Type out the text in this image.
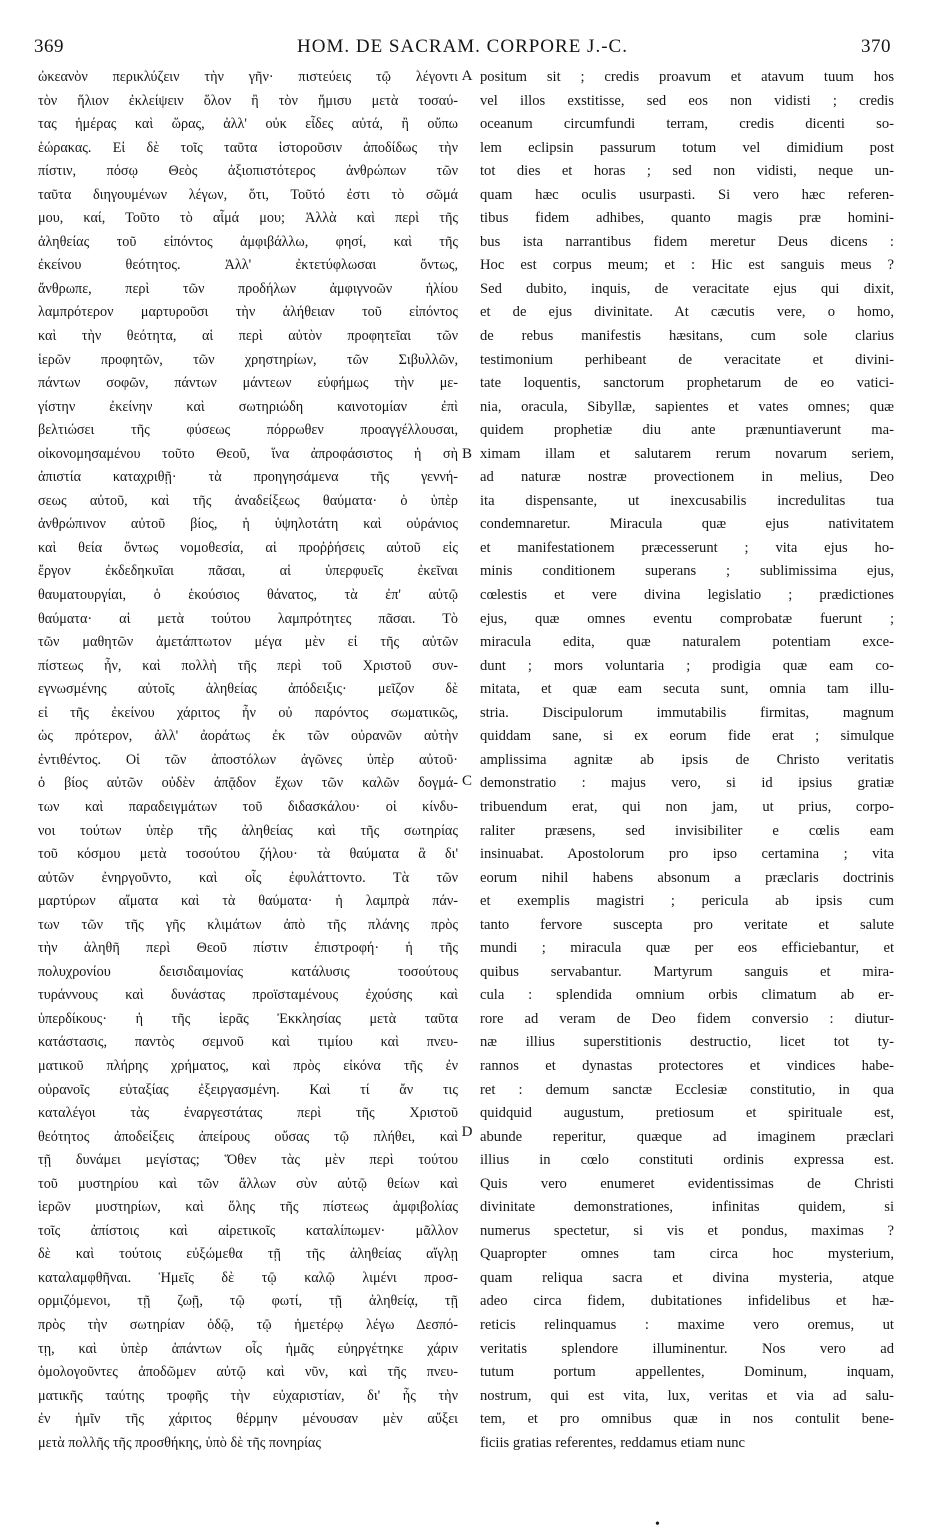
369	HOM. DE SACRAM. CORPORE J.-C.	370
ὠκεανὸν περικλύζειν τὴν γῆν· πιστεύεις τῷ λέγοντι
τὸν ἥλιον ἐκλείψειν ὅλον ἢ τὸν ἥμισυ μετὰ τοσαύ-
τας ἡμέρας καὶ ὥρας, ἀλλ' οὐκ εἶδες αὐτά, ἢ οὔπω
ἑώρακας. Εἰ δὲ τοῖς ταῦτα ἱστοροῦσιν ἀποδίδως τὴν
πίστιν, πόσῳ Θεὸς ἀξιοπιστότερος ἀνθρώπων τῶν
ταῦτα διηγουμένων λέγων, ὅτι, Τοῦτό ἐστι τὸ σῶμά
μου, καί, Τοῦτο τὸ αἷμά μου; Ἀλλὰ καὶ περὶ τῆς
ἀληθείας τοῦ εἰπόντος ἀμφιβάλλω, φησί, καὶ τῆς
ἐκείνου θεότητος. Ἀλλ' ἐκτετύφλωσαι ὄντως,
ἄνθρωπε, περὶ τῶν προδήλων ἀμφιγνοῶν ἡλίου
λαμπρότερον μαρτυροῦσι τὴν ἀλήθειαν τοῦ εἰπόντος
καὶ τὴν θεότητα, αἱ περὶ αὐτὸν προφητεῖαι τῶν
ἱερῶν προφητῶν, τῶν χρηστηρίων, τῶν Σιβυλλῶν,
πάντων σοφῶν, πάντων μάντεων εὐφήμως τὴν με-
γίστην ἐκείνην καὶ σωτηριώδη καινοτομίαν ἐπὶ
βελτιώσει τῆς φύσεως πόρρωθεν προαγγέλλουσαι,
οἰκονομησαμένου τοῦτο Θεοῦ, ἵνα ἀπροφάσιστος ἡ σὴ
ἀπιστία καταχριθῇ· τὰ προηγησάμενα τῆς γεννή-
σεως αὐτοῦ, καὶ τῆς ἀναδείξεως θαύματα· ὁ ὑπὲρ
ἀνθρώπινον αὐτοῦ βίος, ἡ ὑψηλοτάτη καὶ οὐράνιος
καὶ θεία ὄντως νομοθεσία, αἱ προῤῥήσεις αὐτοῦ εἰς
ἔργον ἐκδεδηκυῖαι πᾶσαι, αἱ ὑπερφυεῖς ἐκεῖναι
θαυματουργίαι, ὁ ἑκούσιος θάνατος, τὰ ἐπ' αὐτῷ
θαύματα· αἱ μετὰ τούτου λαμπρότητες πᾶσαι. Τὸ
τῶν μαθητῶν ἀμετάπτωτον μέγα μὲν εἰ τῆς αὐτῶν
πίστεως ἦν, καὶ πολλὴ τῆς περὶ τοῦ Χριστοῦ συν-
εγνωσμένης αὐτοῖς ἀληθείας ἀπόδειξις· μεῖζον δὲ
εἰ τῆς ἐκείνου χάριτος ἦν οὐ παρόντος σωματικῶς,
ὡς πρότερον, ἀλλ' ἀοράτως ἐκ τῶν οὐρανῶν αὐτὴν
ἐντιθέντος. Οἱ τῶν ἀποστόλων ἀγῶνες ὑπὲρ αὐτοῦ·
ὁ βίος αὐτῶν οὐδὲν ἀπᾷδον ἔχων τῶν καλῶν δογμά-
των καὶ παραδειγμάτων τοῦ διδασκάλου· οἱ κίνδυ-
νοι τούτων ὑπὲρ τῆς ἀληθείας καὶ τῆς σωτηρίας
τοῦ κόσμου μετὰ τοσούτου ζήλου· τὰ θαύματα ἃ δι'
αὐτῶν ἐνηργοῦντο, καὶ οἷς ἐφυλάττοντο. Τὰ τῶν
μαρτύρων αἵματα καὶ τὰ θαύματα· ἡ λαμπρὰ πάν-
των τῶν τῆς γῆς κλιμάτων ἀπὸ τῆς πλάνης πρὸς
τὴν ἀληθῆ περὶ Θεοῦ πίστιν ἐπιστροφή· ἡ τῆς
πολυχρονίου δεισιδαιμονίας κατάλυσις τοσούτους
τυράννους καὶ δυνάστας προϊσταμένους ἐχούσης καὶ
ὑπερδίκους· ἡ τῆς ἱερᾶς Ἐκκλησίας μετὰ ταῦτα
κατάστασις, παντὸς σεμνοῦ καὶ τιμίου καὶ πνευ-
ματικοῦ πλήρης χρήματος, καὶ πρὸς εἰκόνα τῆς ἐν
οὐρανοῖς εὐταξίας ἐξειργασμένη. Καὶ τί ἄν τις
καταλέγοι τὰς ἐναργεστάτας περὶ τῆς Χριστοῦ
θεότητος ἀποδείξεις ἀπείρους οὔσας τῷ πλήθει, καὶ
τῇ δυνάμει μεγίστας; Ὅθεν τὰς μὲν περὶ τούτου
τοῦ μυστηρίου καὶ τῶν ἄλλων σὺν αὐτῷ θείων καὶ
ἱερῶν μυστηρίων, καὶ ὅλης τῆς πίστεως ἀμφιβολίας
τοῖς ἀπίστοις καὶ αἱρετικοῖς καταλίπωμεν· μᾶλλον
δὲ καὶ τούτοις εὐξώμεθα τῇ τῆς ἀληθείας αἴγλῃ
καταλαμφθῆναι. Ἡμεῖς δὲ τῷ καλῷ λιμένι προσ-
ορμιζόμενοι, τῇ ζωῇ, τῷ φωτί, τῇ ἀληθείᾳ, τῇ
πρὸς τὴν σωτηρίαν ὁδῷ, τῷ ἡμετέρῳ λέγω Δεσπό-
τῃ, καὶ ὑπὲρ ἁπάντων οἷς ἡμᾶς εὐηργέτηκε χάριν
ὁμολογοῦντες ἀποδῶμεν αὐτῷ καὶ νῦν, καὶ τῆς πνευ-
ματικῆς ταύτης τροφῆς τὴν εὐχαριστίαν, δι' ἧς τὴν
ἐν ἡμῖν τῆς χάριτος θέρμην μένουσαν μὲν αὔξει
μετὰ πολλῆς τῆς προσθήκης, ὑπὸ δὲ τῆς πονηρίας
positum sit ; credis proavum et atavum tuum hos
vel illos exstitisse, sed eos non vidisti ; credis
oceanum circumfundi terram, credis dicenti so-
lem eclipsin passurum totum vel dimidium post
tot dies et horas ; sed non vidisti, neque un-
quam hæc oculis usurpasti. Si vero hæc referen-
tibus fidem adhibes, quanto magis præ homini-
bus ista narrantibus fidem meretur Deus dicens :
Hoc est corpus meum; et : Hic est sanguis meus ?
Sed dubito, inquis, de veracitate ejus qui dixit,
et de ejus divinitate. At cæcutis vere, o homo,
de rebus manifestis hæsitans, cum sole clarius
testimonium perhibeant de veracitate et divini-
tate loquentis, sanctorum prophetarum de eo vatici-
nia, oracula, Sibyllæ, sapientes et vates omnes; quæ
quidem prophetiæ diu ante prænuntiaverunt ma-
ximam illam et salutarem rerum novarum seriem,
ad naturæ nostræ provectionem in melius, Deo
ita dispensante, ut inexcusabilis incredulitas tua
condemnaretur. Miracula quæ ejus nativitatem
et manifestationem præcesserunt ; vita ejus ho-
minis conditionem superans ; sublimissima ejus,
cœlestis et vere divina legislatio ; prædictiones
ejus, quæ omnes eventu comprobatæ fuerunt ;
miracula edita, quæ naturalem potentiam exce-
dunt ; mors voluntaria ; prodigia quæ eam co-
mitata, et quæ eam secuta sunt, omnia tam illu-
stria. Discipulorum immutabilis firmitas, magnum
quiddam sane, si ex eorum fide erat ; simulque
amplissima agnitæ ab ipsis de Christo veritatis
demonstratio : majus vero, si id ipsius gratiæ
tribuendum erat, qui non jam, ut prius, corpo-
raliter præsens, sed invisibiliter e cœlis eam
insinuabat. Apostolorum pro ipso certamina ; vita
eorum nihil habens absonum a præclaris doctrinis
et exemplis magistri ; pericula ab ipsis cum
tanto fervore suscepta pro veritate et salute
mundi ; miracula quæ per eos efficiebantur, et
quibus servabantur. Martyrum sanguis et mira-
cula : splendida omnium orbis climatum ab er-
rore ad veram de Deo fidem conversio : diutur-
næ illius superstitionis destructio, licet tot ty-
rannos et dynastas protectores et vindices habe-
ret : demum sanctæ Ecclesiæ constitutio, in qua
quidquid augustum, pretiosum et spirituale est,
abunde reperitur, quæque ad imaginem præclari
illius in cœlo constituti ordinis expressa est.
Quis vero enumeret evidentissimas de Christi
divinitate demonstrationes, infinitas quidem, si
numerus spectetur, si vis et pondus, maximas ?
Quapropter omnes tam circa hoc mysterium,
quam reliqua sacra et divina mysteria, atque
adeo circa fidem, dubitationes infidelibus et hæ-
reticis relinquamus : maxime vero oremus, ut
veritatis splendore illuminentur. Nos vero ad
tutum portum appellentes, Dominum, inquam,
nostrum, qui est vita, lux, veritas et via ad salu-
tem, et pro omnibus quæ in nos contulit bene-
ficiis gratias referentes, reddamus etiam nunc
A
B
C
D
•
